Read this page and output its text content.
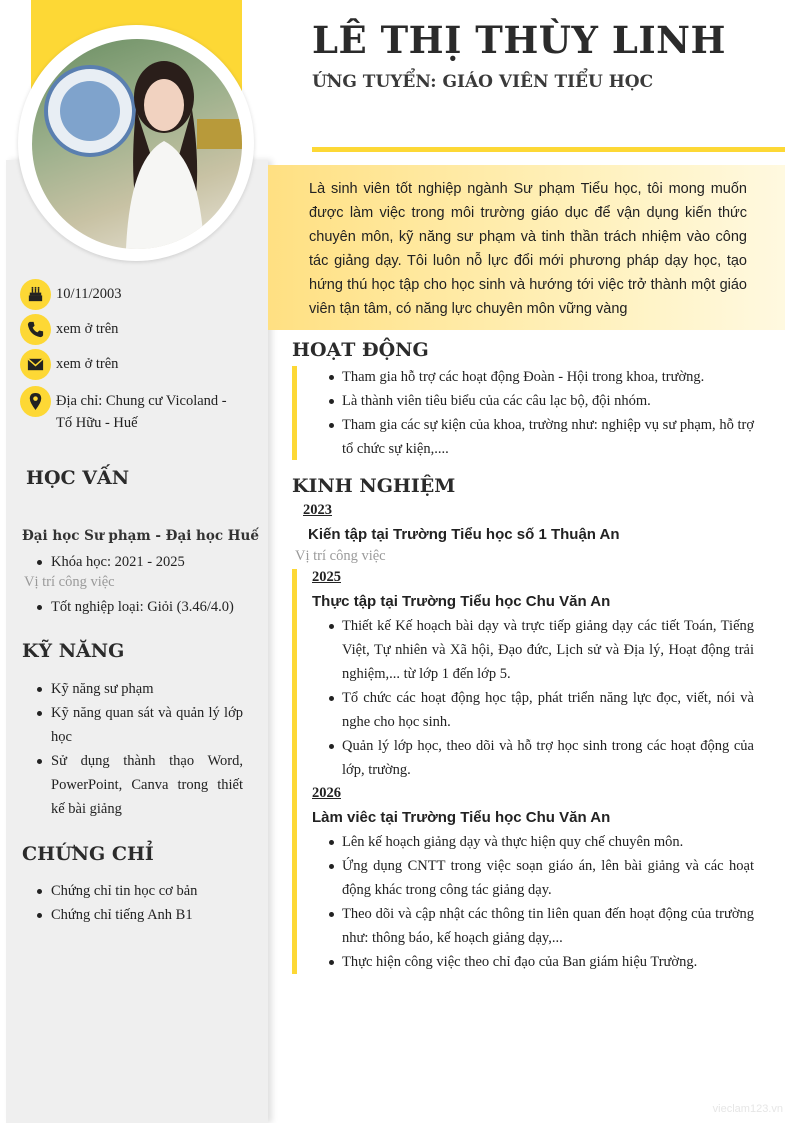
LÊ THỊ THÙY LINH
ỨNG TUYỂN: GIÁO VIÊN TIỂU HỌC
Là sinh viên tốt nghiệp ngành Sư phạm Tiểu học, tôi mong muốn được làm việc trong môi trường giáo dục để vận dụng kiến thức chuyên môn, kỹ năng sư phạm và tinh thần trách nhiệm vào công tác giảng dạy. Tôi luôn nỗ lực đổi mới phương pháp dạy học, tạo hứng thú học tập cho học sinh và hướng tới việc trở thành một giáo viên tận tâm, có năng lực chuyên môn vững vàng
10/11/2003
xem ở trên
xem ở trên
Địa chỉ: Chung cư Vicoland - Tố Hữu - Huế
HỌC VẤN
Đại học Sư phạm - Đại học Huế
Khóa học: 2021 - 2025
Vị trí công việc
Tốt nghiệp loại: Giỏi (3.46/4.0)
KỸ NĂNG
Kỹ năng sư phạm
Kỹ năng quan sát và quản lý lớp học
Sử dụng thành thạo Word, PowerPoint, Canva trong thiết kế bài giảng
CHỨNG CHỈ
Chứng chỉ tin học cơ bản
Chứng chỉ tiếng Anh B1
HOẠT ĐỘNG
Tham gia hỗ trợ các hoạt động Đoàn - Hội trong khoa, trường.
Là thành viên tiêu biểu của các câu lạc bộ, đội nhóm.
Tham gia các sự kiện của khoa, trường như: nghiệp vụ sư phạm, hỗ trợ tổ chức sự kiện,....
KINH NGHIỆM
2023
Kiến tập tại Trường Tiểu học số 1 Thuận An
Vị trí công việc
2025
Thực tập tại Trường Tiểu học Chu Văn An
Thiết kế Kế hoạch bài dạy và trực tiếp giảng dạy các tiết Toán, Tiếng Việt, Tự nhiên và Xã hội, Đạo đức, Lịch sử và Địa lý, Hoạt động trải nghiệm,... từ lớp 1 đến lớp 5.
Tổ chức các hoạt động học tập, phát triển năng lực đọc, viết, nói và nghe cho học sinh.
Quản lý lớp học, theo dõi và hỗ trợ học sinh trong các hoạt động của lớp, trường.
2026
Làm viêc tại Trường Tiểu học Chu Văn An
Lên kế hoạch giảng dạy và thực hiện quy chế chuyên môn.
Ứng dụng CNTT trong việc soạn giáo án, lên bài giảng và các hoạt động khác trong công tác giảng dạy.
Theo dõi và cập nhật các thông tin liên quan đến hoạt động của trường như: thông báo, kế hoạch giảng dạy,...
Thực hiện công việc theo chỉ đạo của Ban giám hiệu Trường.
vieclam123.vn
